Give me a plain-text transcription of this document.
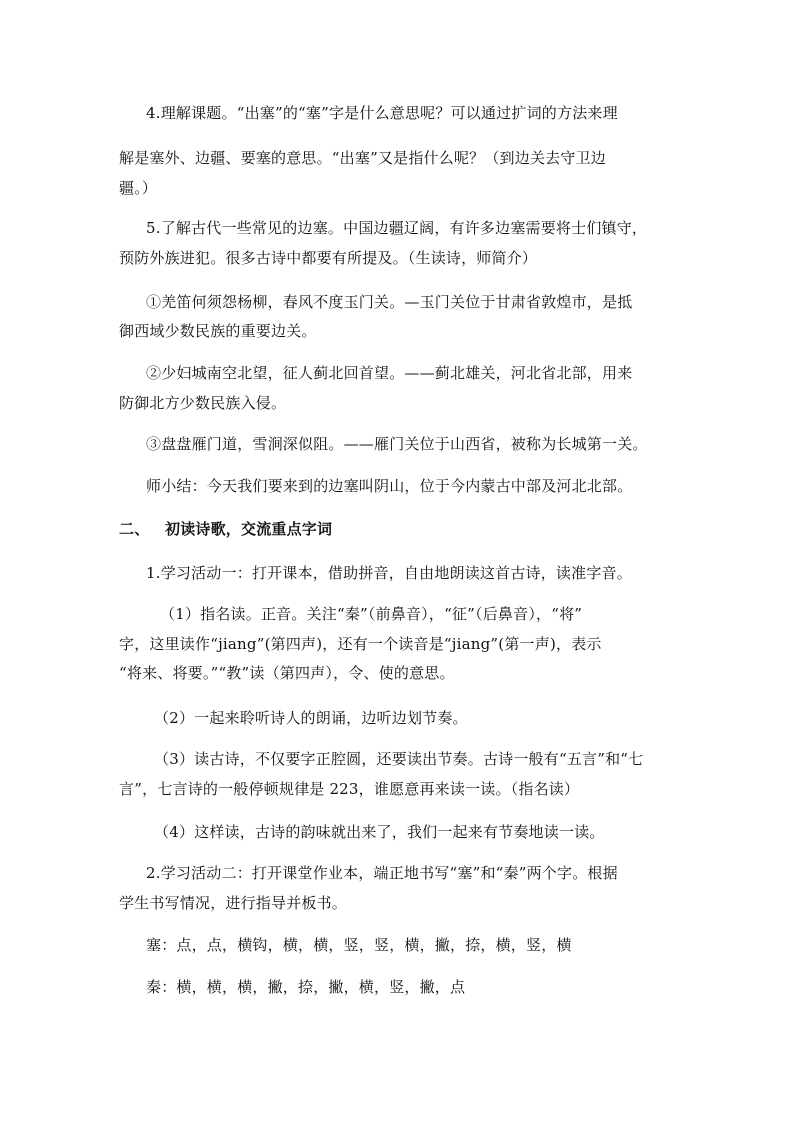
4.理解课题。“出塞”的“塞”字是什么意思呢？可以通过扩词的方法来理
解是塞外、边疆、要塞的意思。“出塞”又是指什么呢？（到边关去守卫边
疆。）
5.了解古代一些常见的边塞。中国边疆辽阔，有许多边塞需要将士们镇守，
预防外族进犯。很多古诗中都要有所提及。（生读诗，师简介）
①羌笛何须怨杨柳，春风不度玉门关。—玉门关位于甘肃省敦煌市，是抵
御西域少数民族的重要边关。
②少妇城南空北望，征人蓟北回首望。——蓟北雄关，河北省北部，用来
防御北方少数民族入侵。
③盘盘雁门道，雪涧深似阻。——雁门关位于山西省，被称为长城第一关。
师小结：今天我们要来到的边塞叫阴山，位于今内蒙古中部及河北北部。
二、 初读诗歌，交流重点字词
1.学习活动一：打开课本，借助拼音，自由地朗读这首古诗，读准字音。
（1）指名读。正音。关注“秦”（前鼻音），“征”（后鼻音），“将”
字，这里读作“jiang”(第四声)，还有一个读音是“jiang”(第一声)，表示
“将来、将要。”“教”读（第四声），令、使的意思。
（2）一起来聆听诗人的朗诵，边听边划节奏。
（3）读古诗，不仅要字正腔圆，还要读出节奏。古诗一般有“五言”和“七
言”，七言诗的一般停顿规律是 223，谁愿意再来读一读。（指名读）
（4）这样读，古诗的韵味就出来了，我们一起来有节奏地读一读。
2.学习活动二：打开课堂作业本，端正地书写“塞”和“秦”两个字。根据
学生书写情况，进行指导并板书。
塞：点，点，横钩，横，横，竖，竖，横，撇，捺，横，竖，横
秦：横，横，横，撇，捺，撇，横，竖，撇，点
